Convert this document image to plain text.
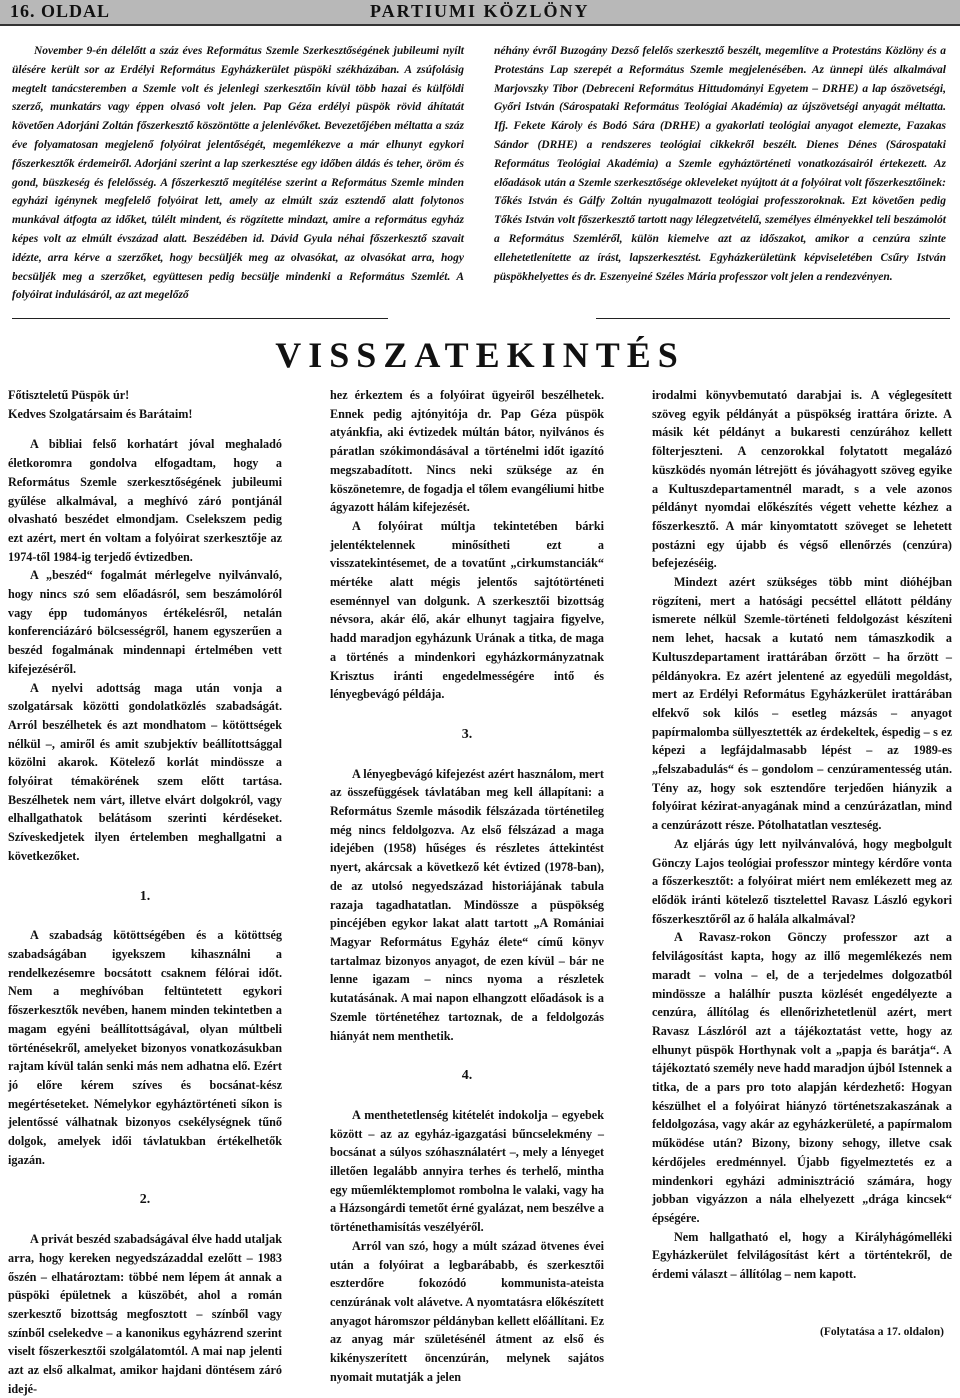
16. OLDAL	PARTIUMI KÖZLÖNY

November 9-én délelőtt a száz éves Református Szemle Szerkesztőségének jubileumi nyílt ülésére került sor az Erdélyi Református Egyházkerület püspöki székházában. A zsúfolásig megtelt tanácsteremben a Szemle volt és jelenlegi szerkesztőin kívül több hazai és külföldi szerző, munkatárs vagy éppen olvasó volt jelen. Pap Géza erdélyi püspök rövid áhítatát követően Adorjáni Zoltán főszerkesztő köszöntötte a jelenlévőket. Bevezetőjében méltatta a száz éve folyamatosan megjelenő folyóirat jelentőségét, megemlékezve a már elhunyt egykori főszerkesztők érdemeiről. Adorjáni szerint a lap szerkesztése egy időben áldás és teher, öröm és gond, büszkeség és felelősség. A főszerkesztő megítélése szerint a Református Szemle minden egyházi igénynek megfelelő folyóirat lett, amely az elmúlt száz esztendő alatt folytonos munkával átfogta az időket, túlélt mindent, és rögzítette mindazt, amire a református egyház képes volt az elmúlt évszázad alatt. Beszédében id. Dávid Gyula néhai főszerkesztő szavait idézte, arra kérve a szerzőket, hogy becsüljék meg az olvasókat, az olvasókat arra, hogy becsüljék meg a szerzőket, együttesen pedig becsülje mindenki a Református Szemlét. A folyóirat indulásáról, az azt megelőző

néhány évről Buzogány Dezső felelős szerkesztő beszélt, megemlítve a Protestáns Közlöny és a Protestáns Lap szerepét a Református Szemle megjelenésében. Az ünnepi ülés alkalmával Marjovszky Tibor (Debreceni Református Hittudományi Egyetem – DRHE) a lap ószövetségi, Győri István (Sárospataki Református Teológiai Akadémia) az újszövetségi anyagát méltatta. Ifj. Fekete Károly és Bodó Sára (DRHE) a gyakorlati teológiai anyagot elemezte, Fazakas Sándor (DRHE) a rendszeres teológiai cikkekről beszélt. Dienes Dénes (Sárospataki Református Teológiai Akadémia) a Szemle egyháztörténeti vonatkozásairól értekezett. Az előadások után a Szemle szerkesztősége okleveleket nyújtott át a folyóirat volt főszerkesztőinek: Tőkés István és Gálfy Zoltán nyugalmazott teológiai professzoroknak. Ezt követően pedig Tőkés István volt főszerkesztő tartott nagy lélegzetvételű, személyes élményekkel teli beszámolót a Református Szemléről, külön kiemelve azt az időszakot, amikor a cenzúra szinte ellehetetlenítette az írást, lapszerkesztést. Egyházkerületünk képviseletében Csűry István püspökhelyettes és dr. Eszenyeiné Széles Mária professzor volt jelen a rendezvényen.

VISSZATEKINTÉS

Főtiszteletű Püspök úr!

Kedves Szolgatársaim és Barátaim!

A bibliai felső korhatárt jóval meghaladó életkoromra gondolva elfogadtam, hogy a Református Szemle szerkesztőségének jubileumi gyűlése alkalmával, a meghívó záró pontjánál olvasható beszédet elmondjam. Cselekszem pedig ezt azért, mert én voltam a folyóirat szerkesztője az 1974-től 1984-ig terjedő évtizedben.

A „beszéd“ fogalmát mérlegelve nyilvánvaló, hogy nincs szó sem előadásról, sem beszámolóról vagy épp tudományos értékelésről, netalán konferenciázáró bölcsességről, hanem egyszerűen a beszéd fogalmának mindennapi értelmében vett kifejezéséről.

A nyelvi adottság maga után vonja a szolgatársak közötti gondolatközlés szabadságát. Arról beszélhetek és azt mondhatom – kötöttségek nélkül –, amiről és amit szubjektív beállítottsággal közölni akarok. Kötelező korlát mindössze a folyóirat témakörének szem előtt tartása. Beszélhetek nem várt, illetve elvárt dolgokról, vagy elhallgathatok belátásom szerinti kérdéseket. Szíveskedjetek ilyen értelemben meghallgatni a következőket.

1.

A szabadság kötöttségében és a kötöttség szabadságában igyekszem kihasználni a rendelkezésemre bocsátott csaknem félórai időt. Nem a meghívóban feltüntetett egykori főszerkesztők nevében, hanem minden tekintetben a magam egyéni beállítottságával, olyan múltbeli történésekről, amelyeket bizonyos vonatkozásukban rajtam kívül talán senki más nem adhatna elő. Ezért jó előre kérem szíves és bocsánat-kész megértéseteket. Némelykor egyháztörténeti síkon is jelentőssé válhatnak bizonyos csekélységnek tűnő dolgok, amelyek idői távlatukban értékelhetők igazán.

2.

A privát beszéd szabadságával élve hadd utaljak arra, hogy kereken negyedszázaddal ezelőtt – 1983 őszén – elhatároztam: többé nem lépem át annak a püspöki épületnek a küszöbét, ahol a román szerkesztő bizottság megfosztott – színből vagy színből cselekedve – a kanonikus egyházrend szerint viselt főszerkesztői szolgálatomtól. A mai nap jelenti azt az első alkalmat, amikor hajdani döntésem záró idejé-

hez érkeztem és a folyóirat ügyeiről beszélhetek. Ennek pedig ajtónyitója dr. Pap Géza püspök atyánkfia, aki évtizedek múltán bátor, nyilvános és páratlan szókimondásával a történelmi időt igazító megszabadított. Nincs neki szüksége az én köszönetemre, de fogadja el tőlem evangéliumi hitbe ágyazott hálám kifejezését.

A folyóirat múltja tekintetében bárki jelentéktelennek minősítheti ezt a visszatekintésemet, de a tovatűnt „cirkumstanciák“ mértéke alatt mégis jelentős sajtótörténeti eseménnyel van dolgunk. A szerkesztői bizottság névsora, akár élő, akár elhunyt tagjaira figyelve, hadd maradjon egyházunk Urának a titka, de maga a történés a mindenkori egyházkormányzatnak Krisztus iránti engedelmességére intő és lényegbevágó példája.

3.

A lényegbevágó kifejezést azért használom, mert az összefüggések távlatában meg kell állapítani: a Református Szemle második félszázada történetileg még nincs feldolgozva. Az első félszázad a maga idejében (1958) hűséges és részletes áttekintést nyert, akárcsak a következő két évtized (1978-ban), de az utolsó negyedszázad historiájának tabula razaja tagadhatatlan. Mindössze a püspökség pincéjében egykor lakat alatt tartott „A Romániai Magyar Református Egyház élete“ című könyv tartalmaz bizonyos anyagot, de ezen kívül – bár ne lenne igazam – nincs nyoma a részletek kutatásának. A mai napon elhangzott előadások is a Szemle történetéhez tartoznak, de a feldolgozás hiányát nem menthetik.

4.

A menthetetlenség kitételét indokolja – egyebek között – az az egyház-igazgatási bűncselekmény – bocsánat a súlyos szóhasználatért –, mely a lényeget illetően legalább annyira terhes és terhelő, mintha egy műemléktemplomot rombolna le valaki, vagy ha a Házsongárdi temetőt érné gyalázat, nem beszélve a történethamisítás veszélyéről.

Arról van szó, hogy a múlt század ötvenes évei után a folyóirat a legbarábabb, és szerkesztői eszterdőre fokozódó kommunista-ateista cenzúrának volt alávetve. A nyomtatásra előkészített anyagot háromszor példányban kellett előállítani. Ez az anyag már születésénél átment az első és kikényszerített öncenzúrán, melynek sajátos nyomait mutatják a jelen

irodalmi könyvbemutató darabjai is. A véglegesített szöveg egyik példányát a püspökség irattára őrizte. A másik két példányt a bukaresti cenzúrához kellett fölterjeszteni. A cenzorokkal folytatott megalázó küszködés nyomán létrejött és jóváhagyott szöveg egyike a Kultuszdepartamentnél maradt, s a vele azonos példányt nyomdai előkészítés végett vehette kézhez a főszerkesztő. A már kinyomtatott szöveget se lehetett postázni egy újabb és végső ellenőrzés (cenzúra) befejezéséig.

Mindezt azért szükséges több mint dióhéjban rögzíteni, mert a hatósági pecséttel ellátott példány ismerete nélkül Szemle-történeti feldolgozást készíteni nem lehet, hacsak a kutató nem támaszkodik a Kultuszdepartament irattárában őrzött – ha őrzött – példányokra. Ez azért jelentené az egyedüli megoldást, mert az Erdélyi Református Egyházkerület irattárában elfekvő sok kilós – esetleg mázsás – anyagot papírmalomba süllyesztették az érdekeltek, éspedig – s ez képezi a legfájdalmasabb lépést – az 1989-es „felszabadulás“ és – gondolom – cenzúramentesség után. Tény az, hogy sok esztendőre terjedően hiányzik a folyóirat kézirat-anyagának mind a cenzúrázatlan, mind a cenzúrázott része. Pótolhatatlan veszteség.

Az eljárás úgy lett nyilvánvalóvá, hogy megbolgult Gönczy Lajos teológiai professzor mintegy kérdőre vonta a főszerkesztőt: a folyóirat miért nem emlékezett meg az elődök iránti kötelező tisztelettel Ravasz László egykori főszerkesztőről az ő halála alkalmával?

A Ravasz-rokon Gönczy professzor azt a felvilágosítást kapta, hogy az illő megemlékezés nem maradt – volna – el, de a terjedelmes dolgozatból mindössze a halálhír puszta közlését engedélyezte a cenzúra, állítólag és ellenőrizhetetlenül azért, mert Ravasz Lászlóról azt a tájékoztatást vette, hogy az elhunyt püspök Horthynak volt a „papja és barátja“. A tájékoztató személy neve hadd maradjon újból Istennek a titka, de a pars pro toto alapján kérdezhető: Hogyan készülhet el a folyóirat hiányzó történetszakaszának a feldolgozása, vagy akár az egyházkerületé, a papírmalom működése után? Bizony, bizony sehogy, illetve csak kérdőjeles eredménnyel. Újabb figyelmeztetés ez a mindenkori egyházi adminisztráció számára, hogy jobban vigyázzon a nála elhelyezett „drága kincsek“ épségére.

Nem hallgatható el, hogy a Királyhágómelléki Egyházkerület felvilágosítást kért a történtekről, de érdemi választ – állítólag – nem kapott.

(Folytatása a 17. oldalon)
